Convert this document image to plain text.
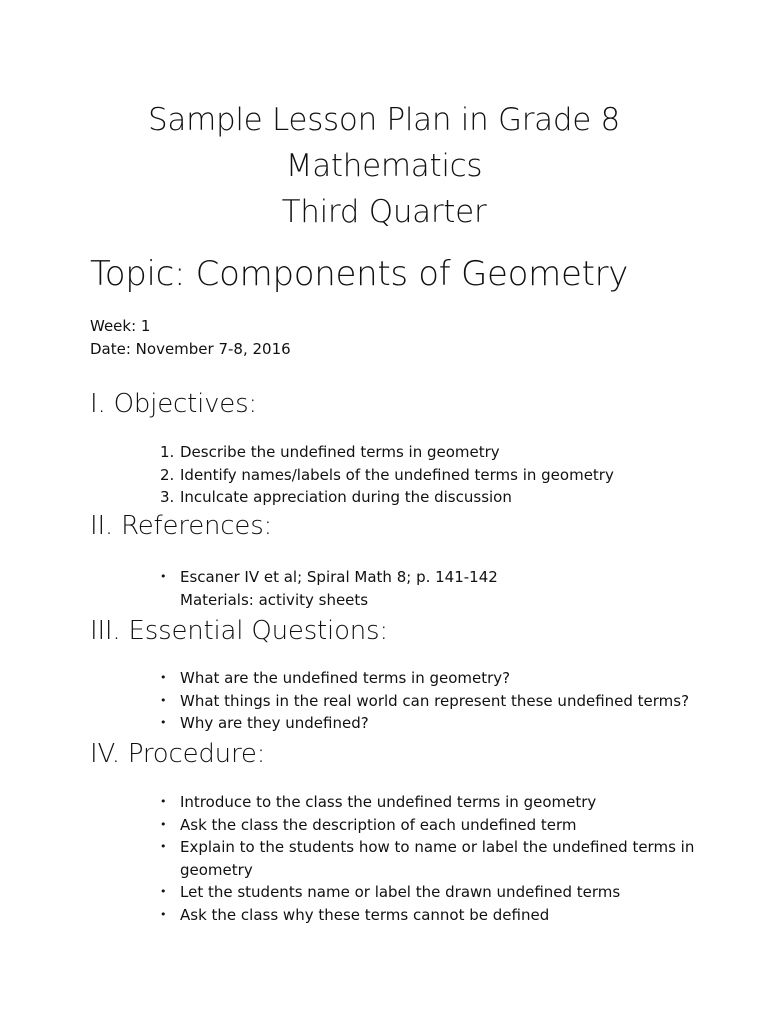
Sample Lesson Plan in Grade 8
Mathematics
Third Quarter
Topic: Components of Geometry
Week: 1
Date: November 7-8, 2016
I. Objectives:
1. Describe the undefined terms in geometry
2. Identify names/labels of the undefined terms in geometry
3. Inculcate appreciation during the discussion
II. References:
• Escaner IV et al; Spiral Math 8; p. 141-142
Materials: activity sheets
III. Essential Questions:
• What are the undefined terms in geometry?
• What things in the real world can represent these undefined terms?
• Why are they undefined?
IV. Procedure:
• Introduce to the class the undefined terms in geometry
• Ask the class the description of each undefined term
• Explain to the students how to name or label the undefined terms in
geometry
• Let the students name or label the drawn undefined terms
• Ask the class why these terms cannot be defined
